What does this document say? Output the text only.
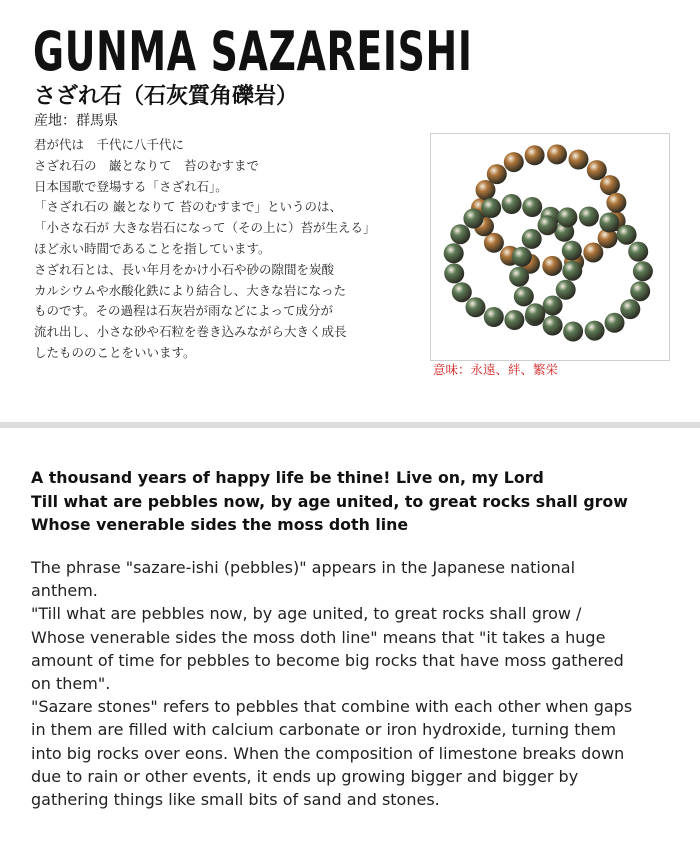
GUNMA SAZAREISHI
さざれ石（石灰質角礫岩）
産地：群馬県
君が代は　千代に八千代に
さざれ石の　巌となりて　苔のむすまで
日本国歌で登場する「さざれ石」。
「さざれ石の 巌となりて 苔のむすまで」というのは、
「小さな石が 大きな岩石になって（その上に）苔が生える」
ほど永い時間であることを指しています。
さざれ石とは、長い年月をかけ小石や砂の隙間を炭酸
カルシウムや水酸化鉄により結合し、大きな岩になった
ものです。その過程は石灰岩が雨などによって成分が
流れ出し、小さな砂や石粒を巻き込みながら大きく成長
したもののことをいいます。
意味：永遠、絆、繁栄
A thousand years of happy life be thine! Live on, my Lord
Till what are pebbles now, by age united, to great rocks shall grow
Whose venerable sides the moss doth line
The phrase "sazare-ishi (pebbles)" appears in the Japanese national
anthem.
"Till what are pebbles now, by age united, to great rocks shall grow /
Whose venerable sides the moss doth line" means that "it takes a huge
amount of time for pebbles to become big rocks that have moss gathered
on them".
"Sazare stones" refers to pebbles that combine with each other when gaps
in them are filled with calcium carbonate or iron hydroxide, turning them
into big rocks over eons. When the composition of limestone breaks down
due to rain or other events, it ends up growing bigger and bigger by
gathering things like small bits of sand and stones.
